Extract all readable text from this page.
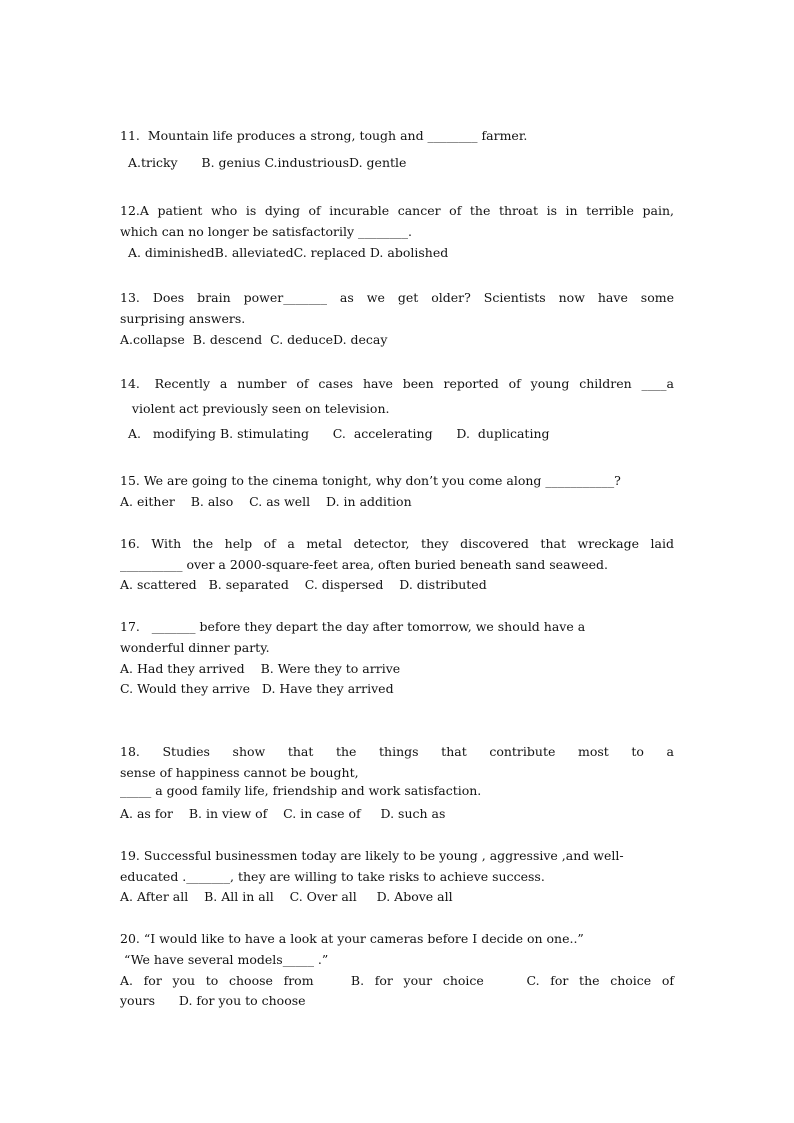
11.  Mountain life produces a strong, tough and ________ farmer.

A.tricky      B. genius C.industriousD. gentle

12.A patient who is dying of incurable cancer of the throat is in terrible pain,

which can no longer be satisfactorily ________.

A. diminishedB. alleviatedC. replaced D. abolished

13.  Does  brain  power_______  as  we  get  older?  Scientists  now  have  some

surprising answers.

A.collapse  B. descend  C. deduceD. decay

14.   Recently  a  number  of  cases  have  been  reported  of  young  children  ____a

violent act previously seen on television.

A.   modifying B. stimulating      C.  accelerating      D.  duplicating

15. We are going to the cinema tonight, why don’t you come along ___________?

A. either    B. also    C. as well    D. in addition

16.  With  the  help  of  a  metal  detector,  they  discovered  that  wreckage  laid

__________ over a 2000-square-feet area, often buried beneath sand seaweed.

A. scattered   B. separated    C. dispersed    D. distributed

17.   _______ before they depart the day after tomorrow, we should have a

wonderful dinner party.

A. Had they arrived    B. Were they to arrive

C. Would they arrive   D. Have they arrived

18.   Studies   show   that   the   things   that   contribute   most   to   a

sense of happiness cannot be bought,

_____ a good family life, friendship and work satisfaction.

A. as for    B. in view of    C. in case of     D. such as

19. Successful businessmen today are likely to be young , aggressive ,and well-

educated ._______, they are willing to take risks to achieve success.

A. After all    B. All in all    C. Over all     D. Above all

20. “I would like to have a look at your cameras before I decide on one..”

“We have several models_____ .”

A.  for  you  to  choose  from       B.  for  your  choice        C.  for  the  choice  of

yours      D. for you to choose
